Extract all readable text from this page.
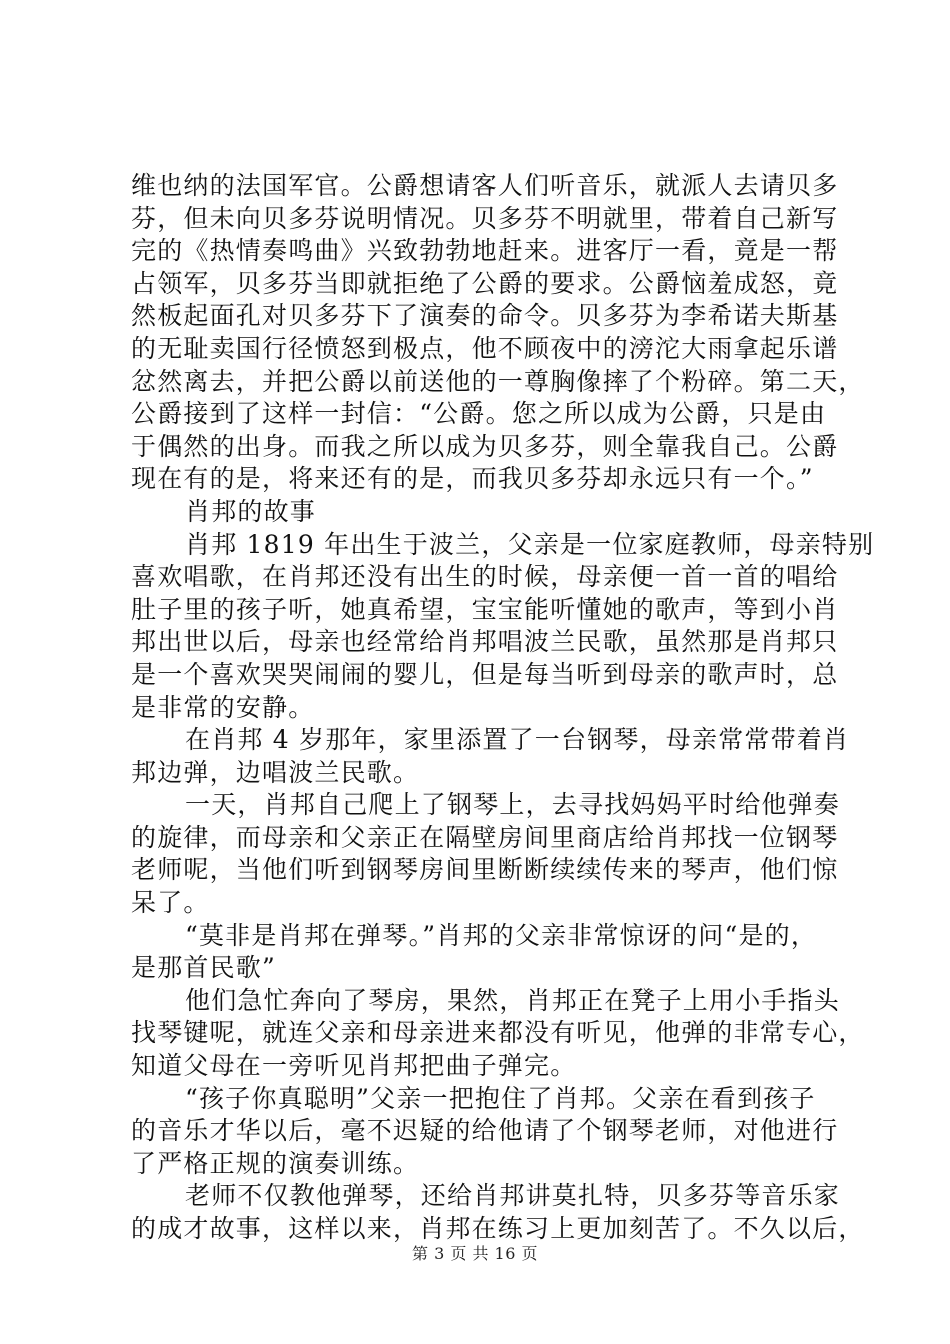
维也纳的法国军官。公爵想请客人们听音乐，就派人去请贝多
芬，但未向贝多芬说明情况。贝多芬不明就里，带着自己新写
完的《热情奏鸣曲》兴致勃勃地赶来。进客厅一看，竟是一帮
占领军，贝多芬当即就拒绝了公爵的要求。公爵恼羞成怒，竟
然板起面孔对贝多芬下了演奏的命令。贝多芬为李希诺夫斯基
的无耻卖国行径愤怒到极点，他不顾夜中的滂沱大雨拿起乐谱
忿然离去，并把公爵以前送他的一尊胸像摔了个粉碎。第二天，
公爵接到了这样一封信：“公爵。您之所以成为公爵，只是由
于偶然的出身。而我之所以成为贝多芬，则全靠我自己。公爵
现在有的是，将来还有的是，而我贝多芬却永远只有一个。”
肖邦的故事
肖邦 1819 年出生于波兰，父亲是一位家庭教师，母亲特别
喜欢唱歌，在肖邦还没有出生的时候，母亲便一首一首的唱给
肚子里的孩子听，她真希望，宝宝能听懂她的歌声，等到小肖
邦出世以后，母亲也经常给肖邦唱波兰民歌，虽然那是肖邦只
是一个喜欢哭哭闹闹的婴儿，但是每当听到母亲的歌声时，总
是非常的安静。
在肖邦 4 岁那年，家里添置了一台钢琴，母亲常常带着肖
邦边弹，边唱波兰民歌。
一天，肖邦自己爬上了钢琴上，去寻找妈妈平时给他弹奏
的旋律，而母亲和父亲正在隔壁房间里商店给肖邦找一位钢琴
老师呢，当他们听到钢琴房间里断断续续传来的琴声，他们惊
呆了。
“莫非是肖邦在弹琴。”肖邦的父亲非常惊讶的问“是的，
是那首民歌”
他们急忙奔向了琴房，果然，肖邦正在凳子上用小手指头
找琴键呢，就连父亲和母亲进来都没有听见，他弹的非常专心，
知道父母在一旁听见肖邦把曲子弹完。
“孩子你真聪明”父亲一把抱住了肖邦。父亲在看到孩子
的音乐才华以后，毫不迟疑的给他请了个钢琴老师，对他进行
了严格正规的演奏训练。
老师不仅教他弹琴，还给肖邦讲莫扎特，贝多芬等音乐家
的成才故事，这样以来，肖邦在练习上更加刻苦了。不久以后，
第 3 页 共 16 页
